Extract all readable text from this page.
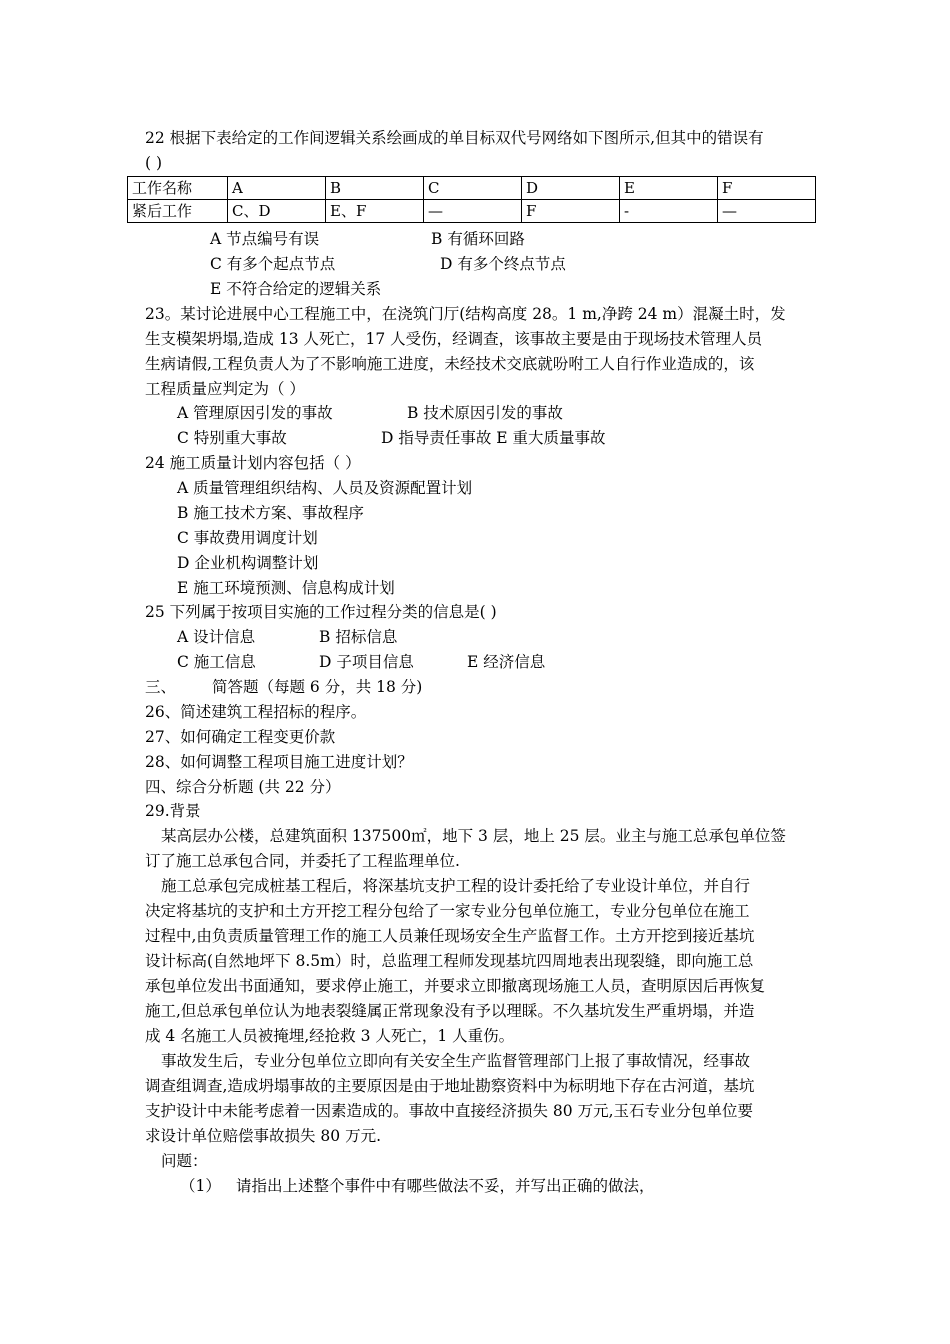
22 根据下表给定的工作间逻辑关系绘画成的单目标双代号网络如下图所示,但其中的错误有
( )
工作名称	A	B	C	D	E	F
紧后工作	C、D	E、F	—	F	-	—
A 节点编号有误	B 有循环回路
C 有多个起点节点	D 有多个终点节点
E 不符合给定的逻辑关系
23。某讨论进展中心工程施工中，在浇筑门厅(结构高度 28。1 m,净跨 24 m）混凝土时，发
生支模架坍塌,造成 13 人死亡，17 人受伤，经调查，该事故主要是由于现场技术管理人员
生病请假,工程负责人为了不影响施工进度，未经技术交底就吩咐工人自行作业造成的，该
工程质量应判定为（ ）
A 管理原因引发的事故	B 技术原因引发的事故
C 特别重大事故	D 指导责任事故 E 重大质量事故
24 施工质量计划内容包括（ ）
A 质量管理组织结构、人员及资源配置计划
B 施工技术方案、事故程序
C 事故费用调度计划
D 企业机构调整计划
E 施工环境预测、信息构成计划
25 下列属于按项目实施的工作过程分类的信息是( )
A 设计信息	B 招标信息
C 施工信息	D 子项目信息	E 经济信息
三、 简答题（每题 6 分，共 18 分)
26、简述建筑工程招标的程序。
27、如何确定工程变更价款
28、如何调整工程项目施工进度计划？
四、综合分析题 (共 22 分）
29.背景
某高层办公楼，总建筑面积 137500㎡，地下 3 层，地上 25 层。业主与施工总承包单位签
订了施工总承包合同，并委托了工程监理单位.
施工总承包完成桩基工程后，将深基坑支护工程的设计委托给了专业设计单位，并自行
决定将基坑的支护和土方开挖工程分包给了一家专业分包单位施工，专业分包单位在施工
过程中,由负责质量管理工作的施工人员兼任现场安全生产监督工作。土方开挖到接近基坑
设计标高(自然地坪下 8.5m）时，总监理工程师发现基坑四周地表出现裂缝，即向施工总
承包单位发出书面通知，要求停止施工，并要求立即撤离现场施工人员，查明原因后再恢复
施工,但总承包单位认为地表裂缝属正常现象没有予以理睬。不久基坑发生严重坍塌，并造
成 4 名施工人员被掩埋,经抢救 3 人死亡，1 人重伤。
事故发生后，专业分包单位立即向有关安全生产监督管理部门上报了事故情况，经事故
调查组调查,造成坍塌事故的主要原因是由于地址勘察资料中为标明地下存在古河道，基坑
支护设计中未能考虑着一因素造成的。事故中直接经济损失 80 万元,玉石专业分包单位要
求设计单位赔偿事故损失 80 万元.
问题：
（1） 请指出上述整个事件中有哪些做法不妥，并写出正确的做法，
